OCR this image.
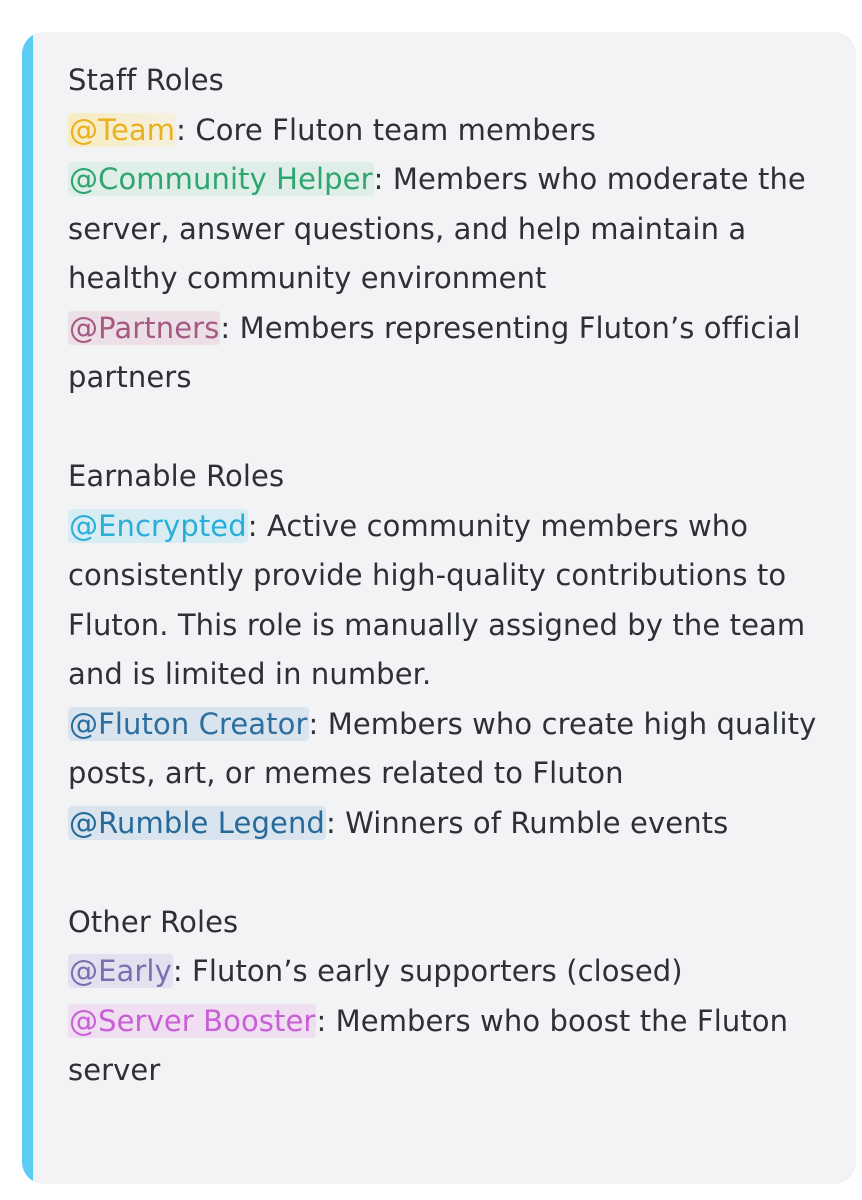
Staff Roles
@Team: Core Fluton team members
@Community Helper: Members who moderate the server, answer questions, and help maintain a healthy community environment
@Partners: Members representing Fluton’s official partners
Earnable Roles
@Encrypted: Active community members who consistently provide high-quality contributions to Fluton. This role is manually assigned by the team and is limited in number.
@Fluton Creator: Members who create high quality posts, art, or memes related to Fluton
@Rumble Legend: Winners of Rumble events
Other Roles
@Early: Fluton’s early supporters (closed)
@Server Booster: Members who boost the Fluton server
